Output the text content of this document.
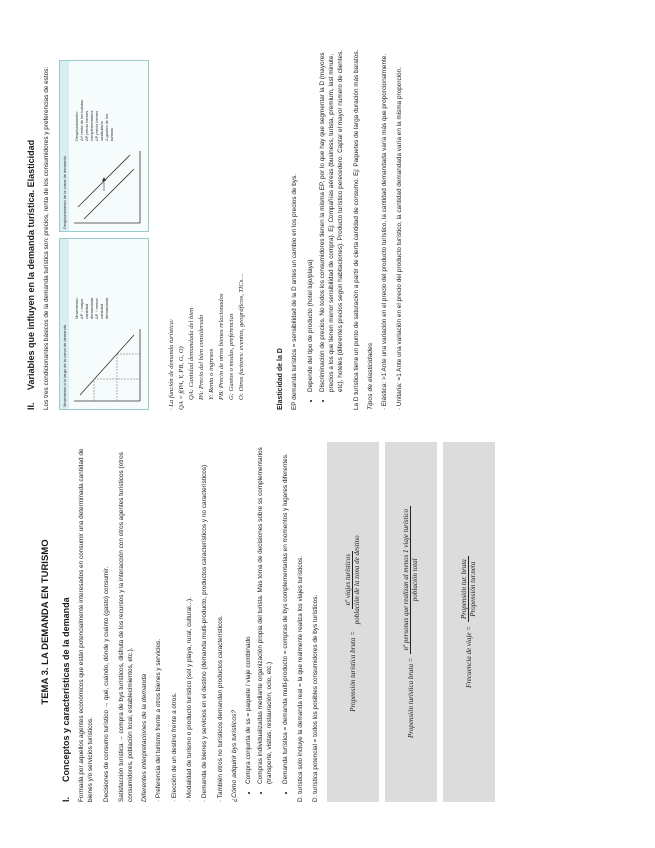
TEMA 3. LA DEMANDA EN TURISMO
I.Conceptos y características de la demanda Formada por aquellos agentes económicos que están potencialmente interesados en consumir una determinada cantidad de bienes y/o servicios turísticos. Decisiones de consumo turístico → qué, cuándo, dónde y cuánto (gasto) consumir. Satisfacción turística → compra de bys turísticos, disfruta de los recursos y la interacción con otros agentes turísticos (otros consumidores, población local, establecimientos, etc.). Diferentes interpretaciones de la demanda · Preferencia del turismo frente a otros bienes y servicios. · Elección de un destino frente a otros. · Modalidad de turismo o producto turístico (sol y playa, rural, cultural...). · Demanda de bienes y servicios en el destino (demanda multi-producto, productos característicos y no característicos) · También otros no turísticos demandan productos característicos. ¿Cómo adquirir bys turísticos? • Compra conjunta de ss = paquete / viaje combinado • Compras individualizadas mediante organización propia del turista. Más toma de decisiones sobre ss complementarios (transporte, visitas, restauración, ocio, etc.) • Demanda turística = demanda multi-producto = compras de bys complementarias en momentos y lugares diferentes. D. turística solo incluye la demanda real = la que realmente realiza los viajes turísticos. D. turística potencial = todos los posibles consumidores de bys turísticos.	Propensión turística bruta =
nº viajes turísticos población de la zona de destino
Propensión turística bruta =
nº personas que realizan al menos 1 viaje turístico población total
Frecuencia de viaje =
Propensión tur. bruta Propensión tur.neta
II.Variables que influyen en la demanda turística. Elasticidad Los tres condicionantes básicos de la demanda turística son: precios, renta de los consumidores y preferencias de estos:	Movimiento a lo largo de la curva de demanda
Movimiento: ΔP ↓ mayor cantidad demandada ΔP ↑ menor cantidad demandada
Desplazamiento de la curva de demanda
Desplazamiento: ΔY renta de los turistas ΔP precio bienes complementarios ΔP precio bienes sustitutivos Δ gustos de los turistas
· La función de demanda turística: QA = f(PA, Y, PB, G, O) QA: Cantidad demandada del bien PA: Precio del bien considerado Y: Renta o ingresos PB: Precio de otros bienes relacionados G: Gustos o modas, preferencias O: Otros factores: eventos, geográficos, TICs…	Elasticidad de la D EP demanda turística = sensibilidad de la D antes un cambio en los precios de bys. • Depende del tipo de producto (hotel lujo/playa) • Discriminación de precios. No todos los consumidores tienen la misma EP, por lo que hay que segmentar la D (mayores precios a los que tienen menor sensibilidad de compra). Ej: Compañías aéreas (business, turista, premium, last minute, etc), hoteles (diferentes precios según habitaciones). Producto turístico perecedero. Captar el mayor número de clientes. La D turística tiene un punto de saturación a partir de cierta cantidad de consumo. Ej: Paquetes de larga duración más baratos. Tipos de elasticidades · Elástica: >1 Ante una variación en el precio del producto turístico, la cantidad demandada varía más que proporcionalmente. · Unitaria: =1 Ante una variación en el precio del producto turístico, la cantidad demandada varía en la misma proporción.
